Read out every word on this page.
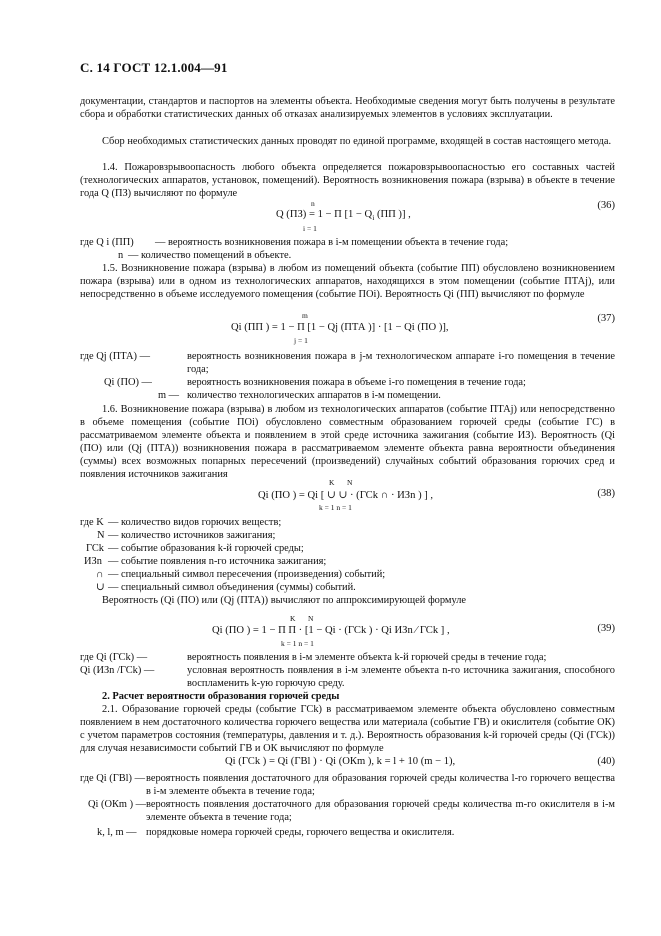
С. 14 ГОСТ 12.1.004—91
документации, стандартов и паспортов на элементы объекта. Необходимые сведения могут быть получены в результате сбора и обработки статистических данных об отказах анализируемых элементов в условиях эксплуатации.
Сбор необходимых статистических данных проводят по единой программе, входящей в состав настоящего метода.
1.4. Пожаровзрывоопасность любого объекта определяется пожаровзрывоопасностью его составных частей (технологических аппаратов, установок, помещений). Вероятность возникновения пожара (взрыва) в объекте в течение года Q (ПЗ) вычисляют по формуле
n
Q (ПЗ) = 1 − Π [$1 - Q_i$ (ПП )] ,
i = 1
(36)
где Q i (ПП) — вероятность возникновения пожара в i-м помещении объекта в течение года;
n — количество помещений в объекте.
1.5. Возникновение пожара (взрыва) в любом из помещений объекта (событие ПП) обусловлено возникновением пожара (взрыва) или в одном из технологических аппаратов, находящихся в этом помещении (событие ПТАj), или непосредственно в объеме исследуемого помещения (событие ПОi). Вероятность Qi (ПП) вычисляют по формуле
m
Qi (ПП ) = 1 − Π [1 − Qj (ПТА )] · [1 − Qi (ПО )],
j = 1
(37)
где Qj (ПТА) —	вероятность возникновения пожара в j-м технологическом аппарате i-го помещения в течение года;
Qi (ПО) —	вероятность возникновения пожара в объеме i-го помещения в течение года;
m — количество технологических аппаратов в i-м помещении.
1.6. Возникновение пожара (взрыва) в любом из технологических аппаратов (событие ПТАj) или непосредственно в объеме помещения (событие ПОi) обусловлено совместным образованием горючей среды (событие ГС) в рассматриваемом элементе объекта и появлением в этой среде источника зажигания (событие ИЗ). Вероятность (Qi (ПО) или (Qj (ПТА)) возникновения пожара в рассматриваемом элементе объекта равна вероятности объединения (суммы) всех возможных попарных пересечений (произведений) случайных событий образования горючих сред и появления источников зажигания
K N
Qi (ПО ) = Qi [ ∪ ∪ · (ГСk ∩ · ИЗn ) ] ,
k = 1 n = 1
(38)
где K — количество видов горючих веществ;
N — количество источников зажигания;
ГСk — событие образования k-й горючей среды;
ИЗn — событие появления n-го источника зажигания;
∩ — специальный символ пересечения (произведения) событий;
∪ — специальный символ объединения (суммы) событий.
Вероятность (Qi (ПО) или (Qj (ПТА)) вычисляют по аппроксимирующей формуле
K N
Qi (ПО ) = 1 − Π Π · [1 − Qi · (ГСk ) · Qi ИЗn ⁄ ГСk ] ,
k = 1 n = 1
(39)
где Qi (ГСk) —	вероятность появления в i-м элементе объекта k-й горючей среды в течение года;
Qi (ИЗn /ГСk) —	условная вероятность появления в i-м элементе объекта n-го источника зажигания, способного воспламенить k-ую горючую среду.
2. Расчет вероятности образования горючей среды
2.1. Образование горючей среды (событие ГСk) в рассматриваемом элементе объекта обусловлено совместным появлением в нем достаточного количества горючего вещества или материала (событие ГВ) и окислителя (событие ОК) с учетом параметров состояния (температуры, давления и т. д.). Вероятность образования k-й горючей среды (Qi (ГСk)) для случая независимости событий ГВ и ОК вычисляют по формуле
Qi (ГСk ) = Qi (ГВl ) · Qi (ОКm ), k = l + 10 (m − 1),	(40)
где Qi (ГВl) — вероятность появления достаточного для образования горючей среды количества l-го горючего вещества в i-м элементе объекта в течение года;
Qi (ОКm ) — вероятность появления достаточного для образования горючей среды количества m-го окислителя в i-м элементе объекта в течение года;
k, l, m — порядковые номера горючей среды, горючего вещества и окислителя.
